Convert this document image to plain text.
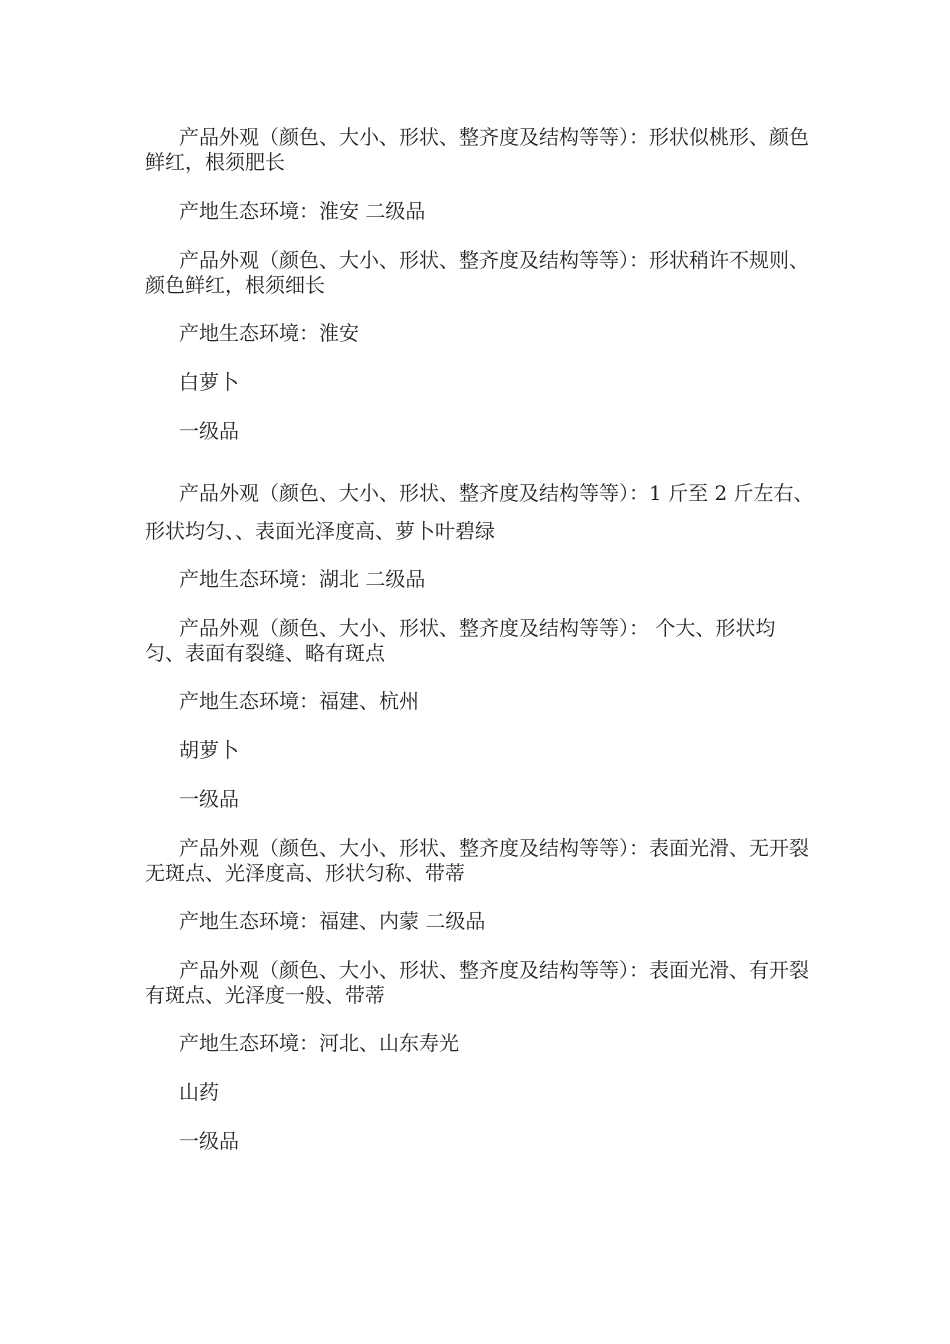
产品外观（颜色、大小、形状、整齐度及结构等等）：形状似桃形、颜色鲜红，根须肥长

产地生态环境：淮安 二级品

产品外观（颜色、大小、形状、整齐度及结构等等）：形状稍许不规则、颜色鲜红，根须细长

产地生态环境：淮安

白萝卜

一级品

产品外观（颜色、大小、形状、整齐度及结构等等）：1 斤至 2 斤左右、形状均匀、、表面光泽度高、萝卜叶碧绿

产地生态环境：湖北 二级品

产品外观（颜色、大小、形状、整齐度及结构等等）： 个大、形状均匀、表面有裂缝、略有斑点

产地生态环境：福建、杭州

胡萝卜

一级品

产品外观（颜色、大小、形状、整齐度及结构等等）：表面光滑、无开裂无斑点、光泽度高、形状匀称、带蒂

产地生态环境：福建、内蒙 二级品

产品外观（颜色、大小、形状、整齐度及结构等等）：表面光滑、有开裂有斑点、光泽度一般、带蒂

产地生态环境：河北、山东寿光

山药

一级品
